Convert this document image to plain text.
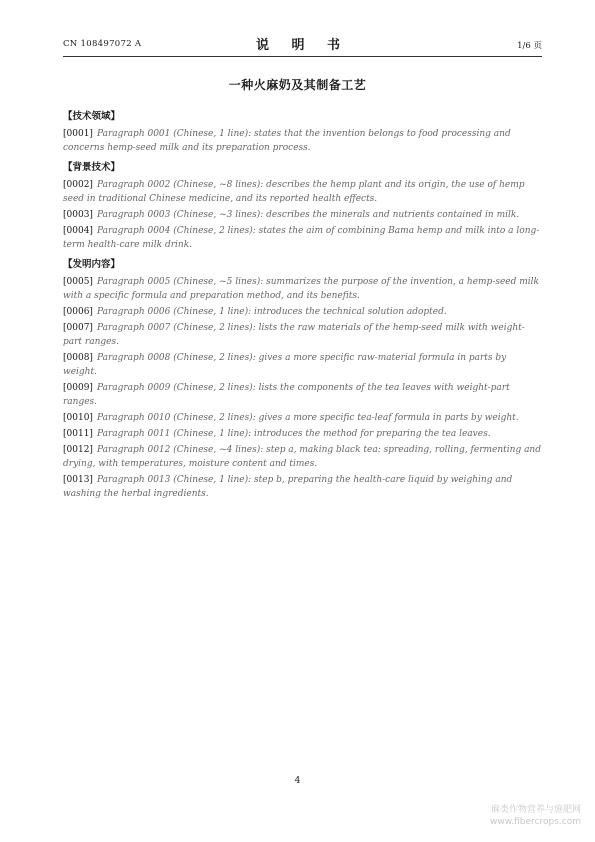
CN 108497072 A	说 明 书	1/6 页
一种火麻奶及其制备工艺
【技术领域】
[0001] Paragraph 0001 (Chinese, 1 line): states that the invention belongs to food processing and concerns hemp-seed milk and its preparation process.
【背景技术】
[0002] Paragraph 0002 (Chinese, ~8 lines): describes the hemp plant and its origin, the use of hemp seed in traditional Chinese medicine, and its reported health effects.
[0003] Paragraph 0003 (Chinese, ~3 lines): describes the minerals and nutrients contained in milk.
[0004] Paragraph 0004 (Chinese, 2 lines): states the aim of combining Bama hemp and milk into a long-term health-care milk drink.
【发明内容】
[0005] Paragraph 0005 (Chinese, ~5 lines): summarizes the purpose of the invention, a hemp-seed milk with a specific formula and preparation method, and its benefits.
[0006] Paragraph 0006 (Chinese, 1 line): introduces the technical solution adopted.
[0007] Paragraph 0007 (Chinese, 2 lines): lists the raw materials of the hemp-seed milk with weight-part ranges.
[0008] Paragraph 0008 (Chinese, 2 lines): gives a more specific raw-material formula in parts by weight.
[0009] Paragraph 0009 (Chinese, 2 lines): lists the components of the tea leaves with weight-part ranges.
[0010] Paragraph 0010 (Chinese, 2 lines): gives a more specific tea-leaf formula in parts by weight.
[0011] Paragraph 0011 (Chinese, 1 line): introduces the method for preparing the tea leaves.
[0012] Paragraph 0012 (Chinese, ~4 lines): step a, making black tea: spreading, rolling, fermenting and drying, with temperatures, moisture content and times.
[0013] Paragraph 0013 (Chinese, 1 line): step b, preparing the health-care liquid by weighing and washing the herbal ingredients.
4
麻类作物营养与施肥网
www.fibercrops.com
